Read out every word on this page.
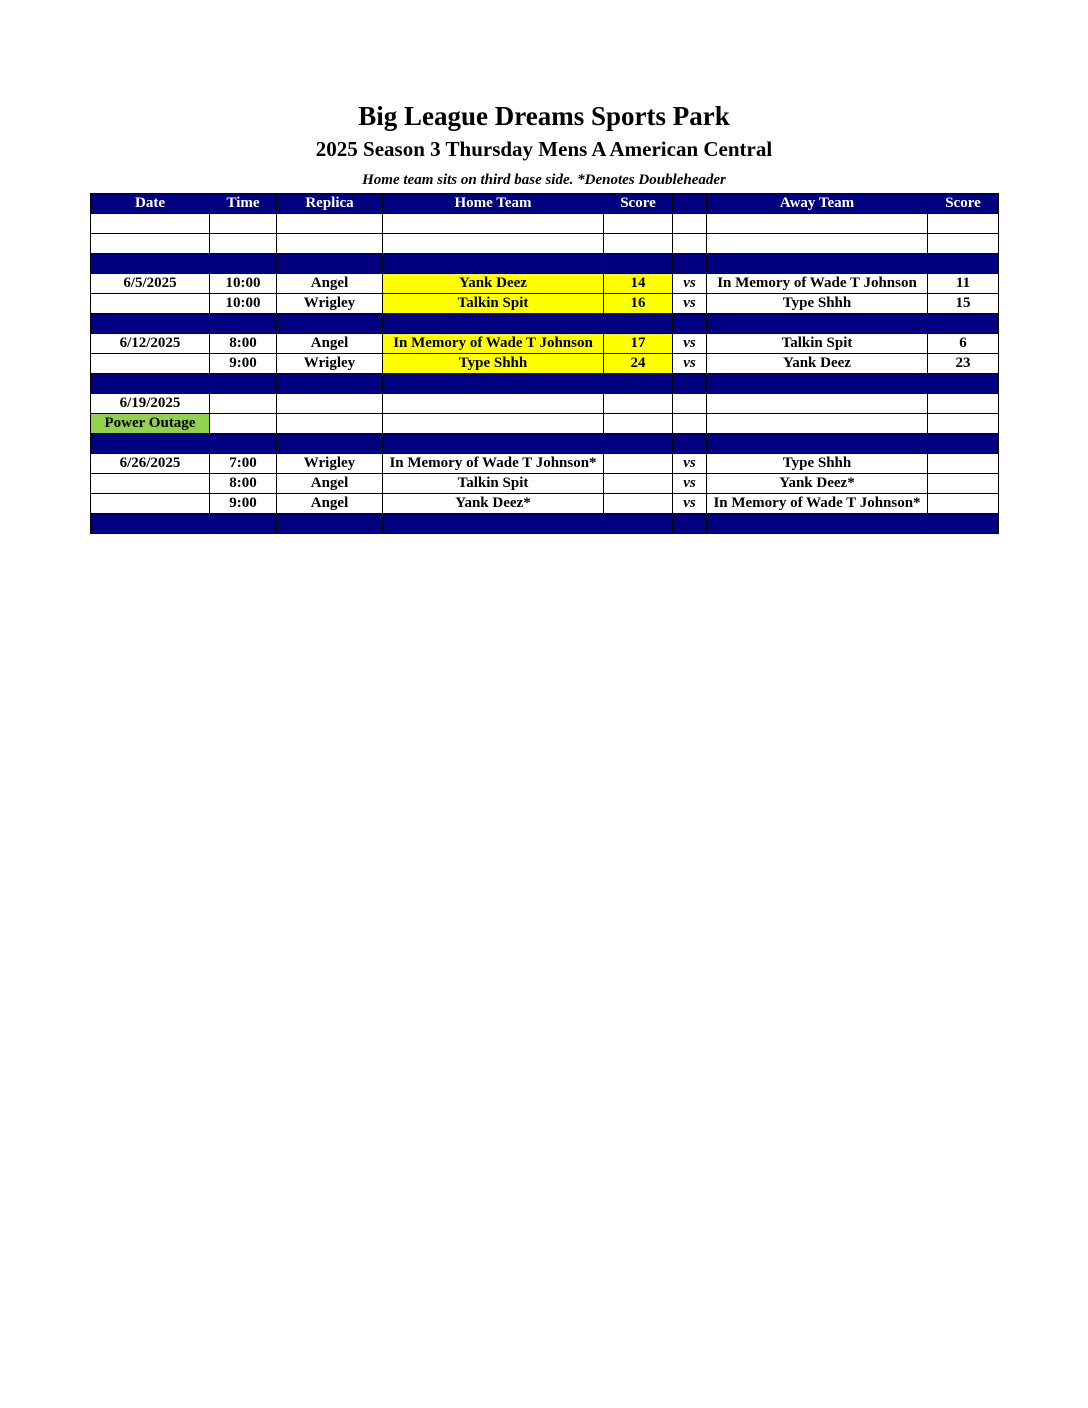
Big League Dreams Sports Park
2025 Season 3 Thursday Mens A American Central
Home team sits on third base side. *Denotes Doubleheader
Date	Time	Replica	Home Team	Score		Away Team	Score

6/5/2025	10:00	Angel	Yank Deez	14	vs	In Memory of Wade T Johnson	11
	10:00	Wrigley	Talkin Spit	16	vs	Type Shhh	15

6/12/2025	8:00	Angel	In Memory of Wade T Johnson	17	vs	Talkin Spit	6
	9:00	Wrigley	Type Shhh	24	vs	Yank Deez	23

6/19/2025							
Power Outage							

6/26/2025	7:00	Wrigley	In Memory of Wade T Johnson*		vs	Type Shhh	
	8:00	Angel	Talkin Spit		vs	Yank Deez*	
	9:00	Angel	Yank Deez*		vs	In Memory of Wade T Johnson*	
